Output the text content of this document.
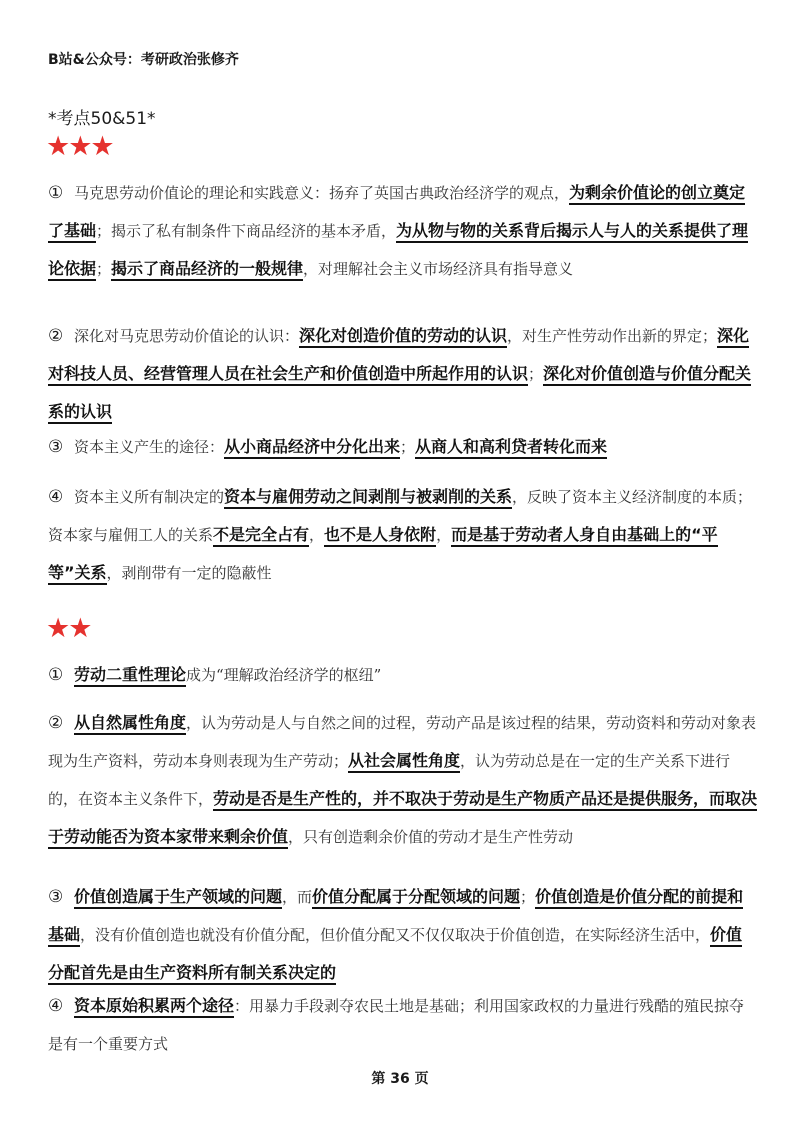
B站&公众号：考研政治张修齐
*考点50&51*
★★★
① 马克思劳动价值论的理论和实践意义：扬弃了英国古典政治经济学的观点，为剩余价值论的创立奠定了基础；揭示了私有制条件下商品经济的基本矛盾，为从物与物的关系背后揭示人与人的关系提供了理论依据；揭示了商品经济的一般规律，对理解社会主义市场经济具有指导意义
② 深化对马克思劳动价值论的认识：深化对创造价值的劳动的认识，对生产性劳动作出新的界定；深化对科技人员、经营管理人员在社会生产和价值创造中所起作用的认识；深化对价值创造与价值分配关系的认识
③ 资本主义产生的途径：从小商品经济中分化出来；从商人和高利贷者转化而来
④ 资本主义所有制决定的资本与雇佣劳动之间剥削与被剥削的关系，反映了资本主义经济制度的本质；资本家与雇佣工人的关系不是完全占有，也不是人身依附，而是基于劳动者人身自由基础上的“平等”关系，剥削带有一定的隐蔽性
★★
① 劳动二重性理论成为“理解政治经济学的枢纽”
② 从自然属性角度，认为劳动是人与自然之间的过程，劳动产品是该过程的结果，劳动资料和劳动对象表现为生产资料，劳动本身则表现为生产劳动；从社会属性角度，认为劳动总是在一定的生产关系下进行的，在资本主义条件下，劳动是否是生产性的，并不取决于劳动是生产物质产品还是提供服务，而取决于劳动能否为资本家带来剩余价值，只有创造剩余价值的劳动才是生产性劳动
③ 价值创造属于生产领域的问题，而价值分配属于分配领域的问题；价值创造是价值分配的前提和基础，没有价值创造也就没有价值分配，但价值分配又不仅仅取决于价值创造，在实际经济生活中，价值分配首先是由生产资料所有制关系决定的
④ 资本原始积累两个途径：用暴力手段剥夺农民土地是基础；利用国家政权的力量进行残酷的殖民掠夺是有一个重要方式
第 36 页
